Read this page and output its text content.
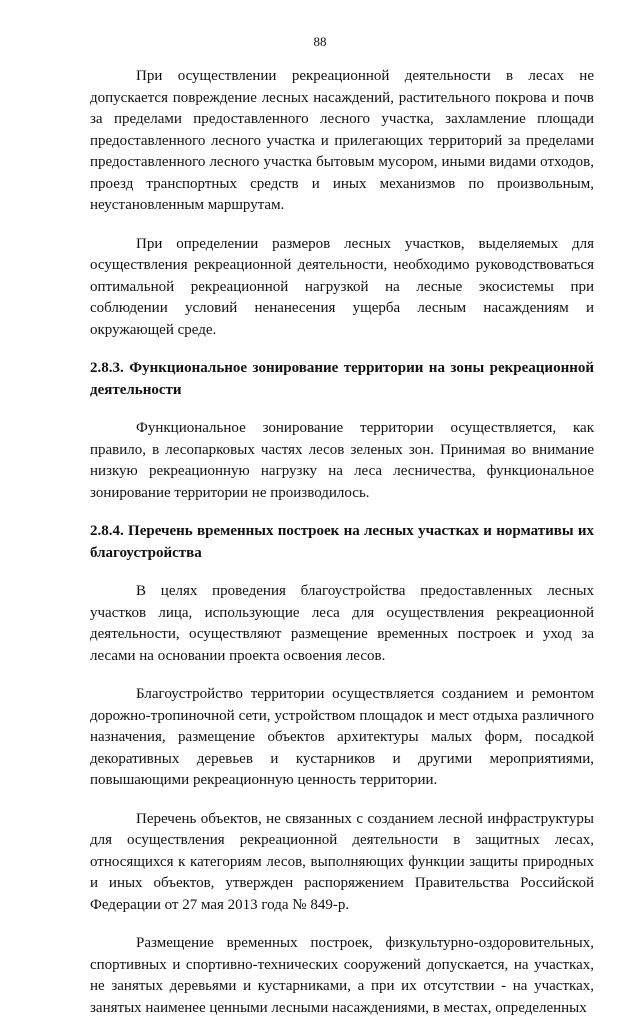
88

При осуществлении рекреационной деятельности в лесах не допускается повреждение лесных насаждений, растительного покрова и почв за пределами предоставленного лесного участка, захламление площади предоставленного лесного участка и прилегающих территорий за пределами предоставленного лесного участка бытовым мусором, иными видами отходов, проезд транспортных средств и иных механизмов по произвольным, неустановленным маршрутам.

При определении размеров лесных участков, выделяемых для осуществления рекреационной деятельности, необходимо руководствоваться оптимальной рекреационной нагрузкой на лесные экосистемы при соблюдении условий ненанесения ущерба лесным насаждениям и окружающей среде.

2.8.3. Функциональное зонирование территории на зоны рекреационной деятельности

Функциональное зонирование территории осуществляется, как правило, в лесопарковых частях лесов зеленых зон. Принимая во внимание низкую рекреационную нагрузку на леса лесничества, функциональное зонирование территории не производилось.

2.8.4. Перечень временных построек на лесных участках и нормативы их благоустройства

В целях проведения благоустройства предоставленных лесных участков лица, использующие леса для осуществления рекреационной деятельности, осуществляют размещение временных построек и уход за лесами на основании проекта освоения лесов.

Благоустройство территории осуществляется созданием и ремонтом дорожно-тропиночной сети, устройством площадок и мест отдыха различного назначения, размещение объектов архитектуры малых форм, посадкой декоративных деревьев и кустарников и другими мероприятиями, повышающими рекреационную ценность территории.

Перечень объектов, не связанных с созданием лесной инфраструктуры для осуществления рекреационной деятельности в защитных лесах, относящихся к категориям лесов, выполняющих функции защиты природных и иных объектов, утвержден распоряжением Правительства Российской Федерации от 27 мая 2013 года № 849-р.

Размещение временных построек, физкультурно-оздоровительных, спортивных и спортивно-технических сооружений допускается, на участках, не занятых деревьями и кустарниками, а при их отсутствии - на участках, занятых наименее ценными лесными насаждениями, в местах, определенных
